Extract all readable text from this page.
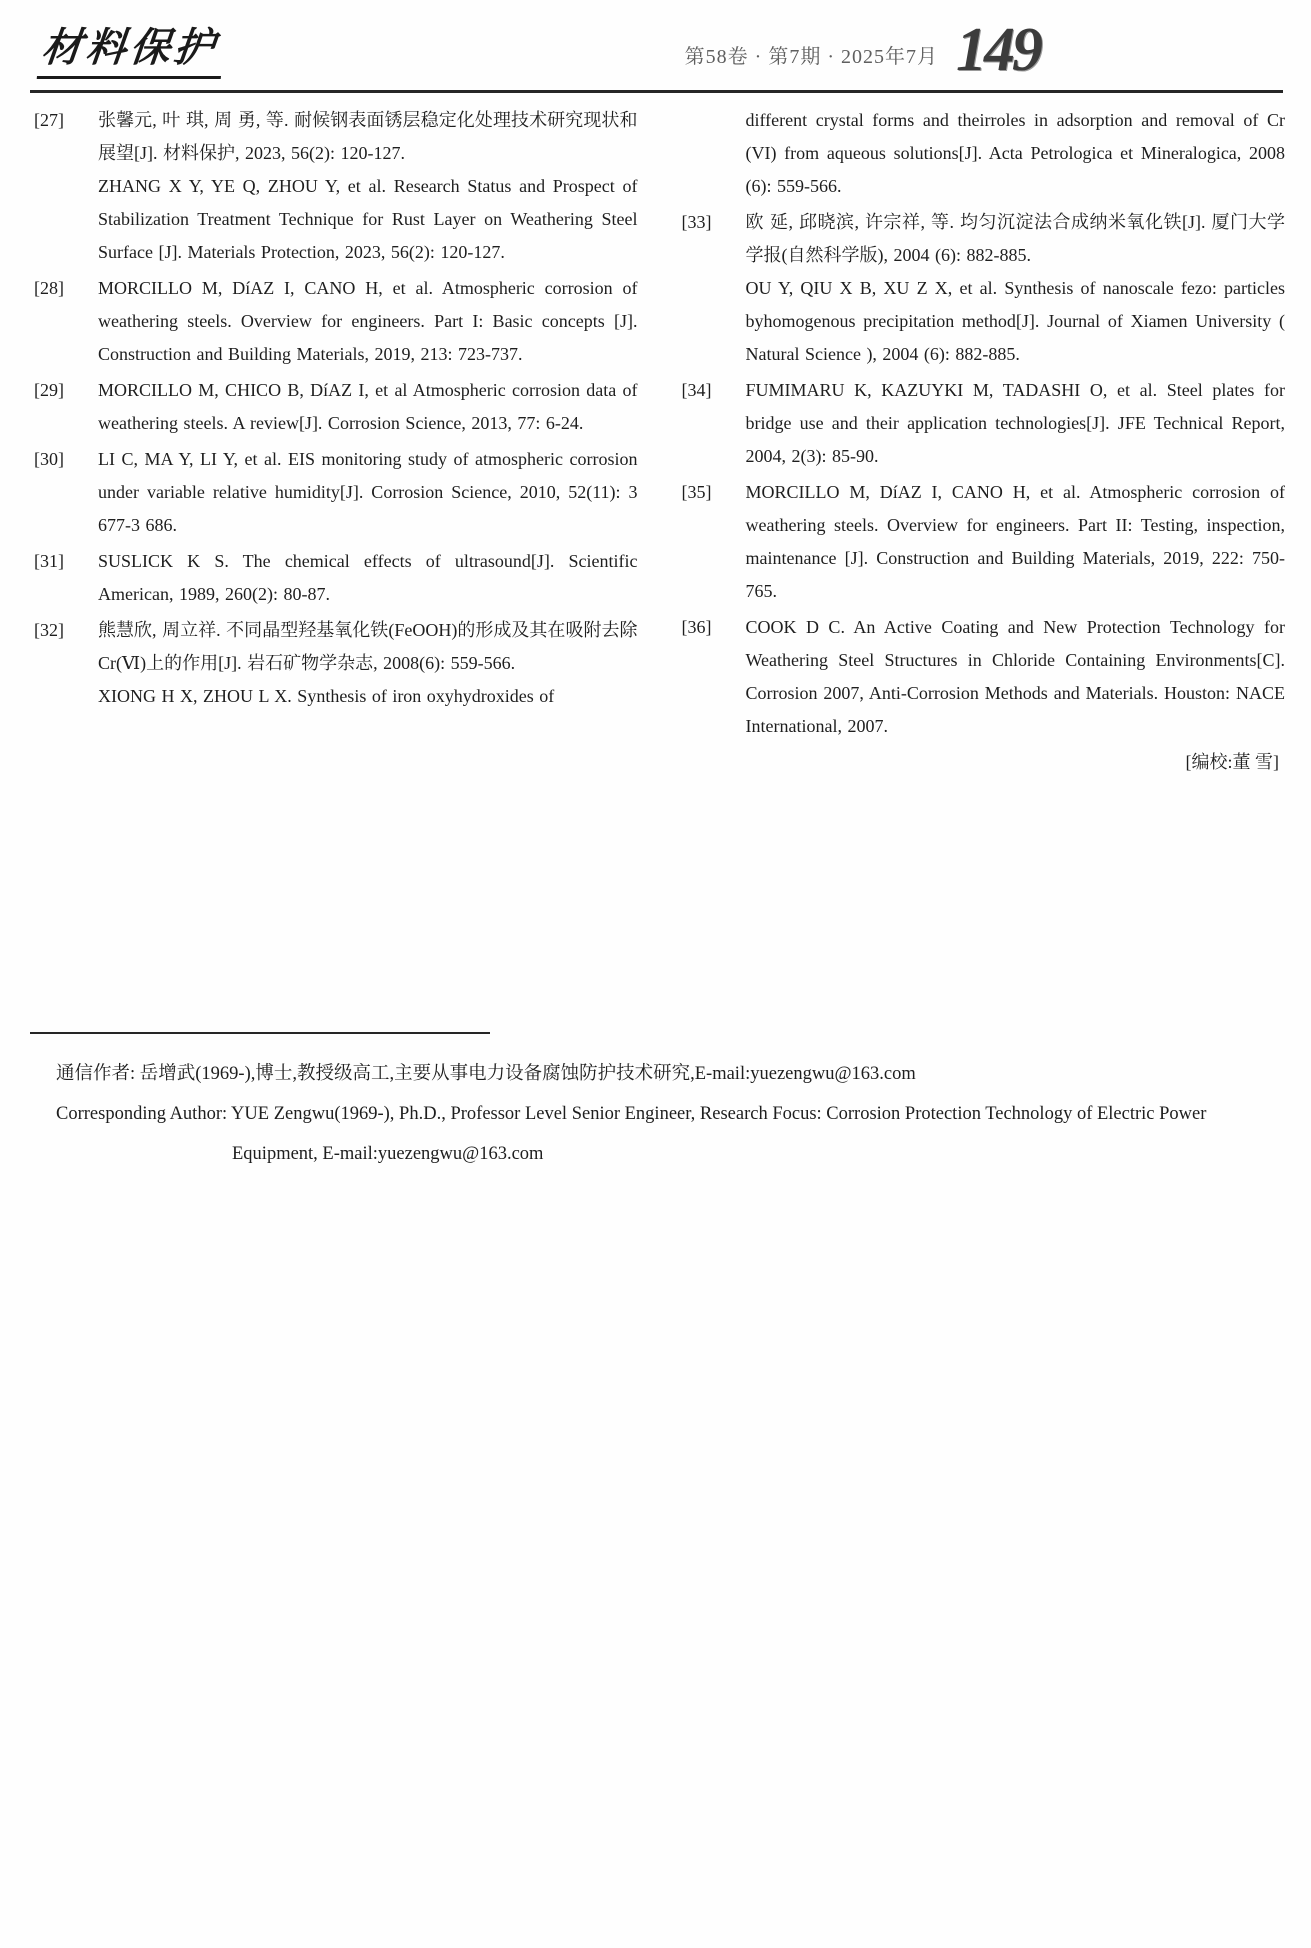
材料保护	第58卷 · 第7期 · 2025年7月 149
[27]	张馨元, 叶 琪, 周 勇, 等. 耐候钢表面锈层稳定化处理技术研究现状和展望[J]. 材料保护, 2023, 56(2): 120-127.

ZHANG X Y, YE Q, ZHOU Y, et al. Research Status and Prospect of Stabilization Treatment Technique for Rust Layer on Weathering Steel Surface [J]. Materials Protection, 2023, 56(2): 120-127.

[28]	MORCILLO M, DíAZ I, CANO H, et al. Atmospheric corrosion of weathering steels. Overview for engineers. Part I: Basic concepts [J]. Construction and Building Materials, 2019, 213: 723-737.

[29]	MORCILLO M, CHICO B, DíAZ I, et al Atmospheric corrosion data of weathering steels. A review[J]. Corrosion Science, 2013, 77: 6-24.

[30]	LI C, MA Y, LI Y, et al. EIS monitoring study of atmospheric corrosion under variable relative humidity[J]. Corrosion Science, 2010, 52(11): 3 677-3 686.

[31]	SUSLICK K S. The chemical effects of ultrasound[J]. Scientific American, 1989, 260(2): 80-87.

[32]	熊慧欣, 周立祥. 不同晶型羟基氧化铁(FeOOH)的形成及其在吸附去除 Cr(Ⅵ)上的作用[J]. 岩石矿物学杂志, 2008(6): 559-566.

XIONG H X, ZHOU L X. Synthesis of iron oxyhydroxides of

different crystal forms and theirroles in adsorption and removal of Cr (VI) from aqueous solutions[J]. Acta Petrologica et Mineralogica, 2008 (6): 559-566.

[33]	欧 延, 邱晓滨, 许宗祥, 等. 均匀沉淀法合成纳米氧化铁[J]. 厦门大学学报(自然科学版), 2004 (6): 882-885.

OU Y, QIU X B, XU Z X, et al. Synthesis of nanoscale fezo: particles byhomogenous precipitation method[J]. Journal of Xiamen University ( Natural Science ), 2004 (6): 882-885.

[34]	FUMIMARU K, KAZUYKI M, TADASHI O, et al. Steel plates for bridge use and their application technologies[J]. JFE Technical Report, 2004, 2(3): 85-90.

[35]	MORCILLO M, DíAZ I, CANO H, et al. Atmospheric corrosion of weathering steels. Overview for engineers. Part II: Testing, inspection, maintenance [J]. Construction and Building Materials, 2019, 222: 750-765.

[36]	COOK D C. An Active Coating and New Protection Technology for Weathering Steel Structures in Chloride Containing Environments[C]. Corrosion 2007, Anti-Corrosion Methods and Materials. Houston: NACE International, 2007.

[编校:董 雪]

通信作者: 岳增武(1969-),博士,教授级高工,主要从事电力设备腐蚀防护技术研究,E-mail:yuezengwu@163.com

Corresponding Author: YUE Zengwu(1969-), Ph.D., Professor Level Senior Engineer, Research Focus: Corrosion Protection Technology of Electric Power Equipment, E-mail:yuezengwu@163.com
